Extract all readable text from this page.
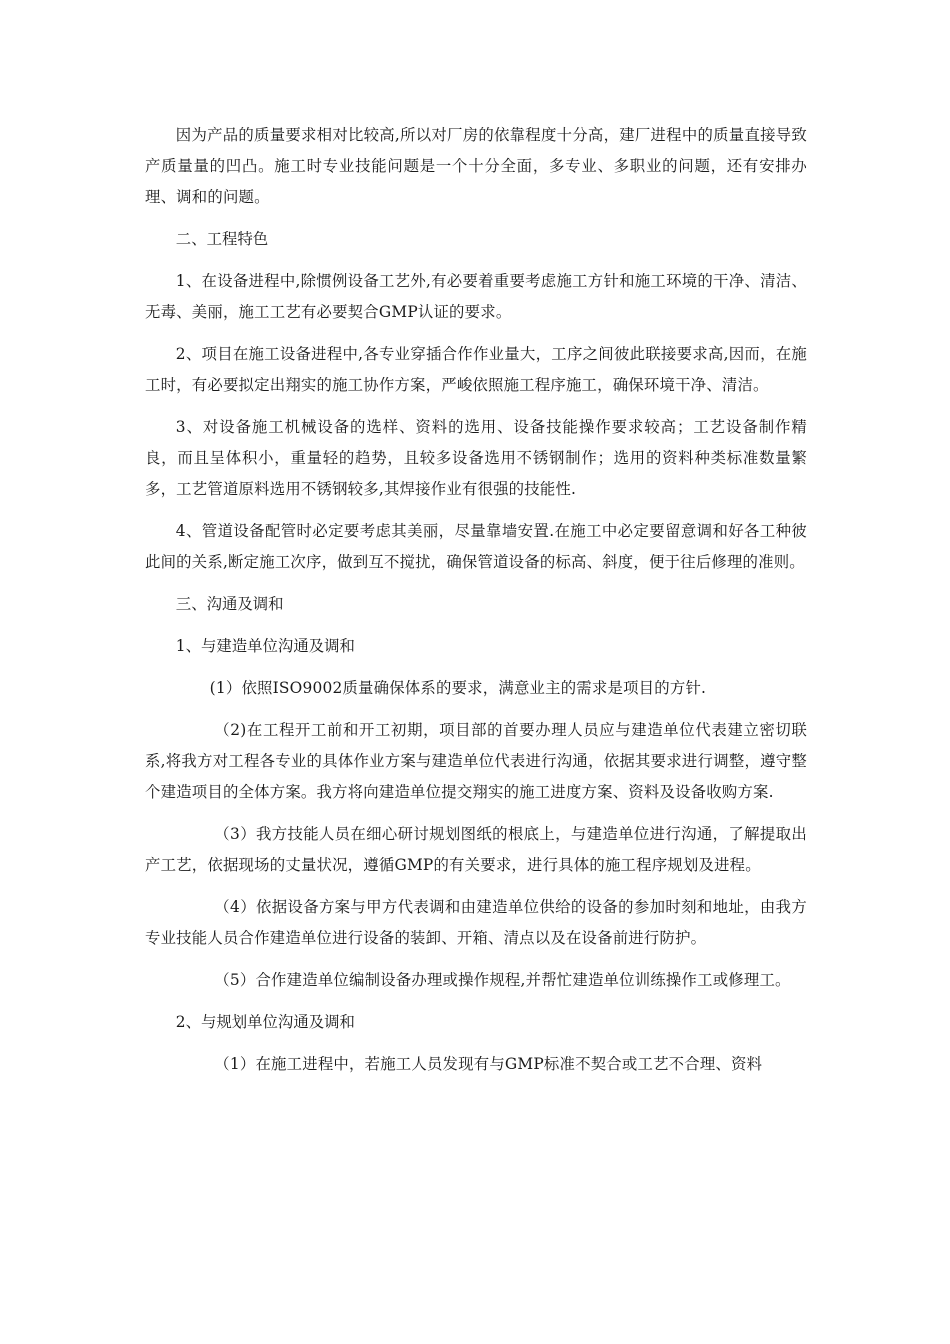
因为产品的质量要求相对比较高,所以对厂房的依靠程度十分高，建厂进程中的质量直接导致产质量量的凹凸。施工时专业技能问题是一个十分全面，多专业、多职业的问题，还有安排办理、调和的问题。

二、工程特色

1、在设备进程中,除惯例设备工艺外,有必要着重要考虑施工方针和施工环境的干净、清洁、无毒、美丽，施工工艺有必要契合GMP认证的要求。

2、项目在施工设备进程中,各专业穿插合作作业量大，工序之间彼此联接要求高,因而，在施工时，有必要拟定出翔实的施工协作方案，严峻依照施工程序施工，确保环境干净、清洁。

3、对设备施工机械设备的选样、资料的选用、设备技能操作要求较高；工艺设备制作精良，而且呈体积小，重量轻的趋势，且较多设备选用不锈钢制作；选用的资料种类标准数量繁多，工艺管道原料选用不锈钢较多,其焊接作业有很强的技能性.

4、管道设备配管时必定要考虑其美丽，尽量靠墙安置.在施工中必定要留意调和好各工种彼此间的关系,断定施工次序，做到互不搅扰，确保管道设备的标高、斜度，便于往后修理的准则。

三、沟通及调和

1、与建造单位沟通及调和

(1）依照ISO9002质量确保体系的要求，满意业主的需求是项目的方针.

（2)在工程开工前和开工初期，项目部的首要办理人员应与建造单位代表建立密切联系,将我方对工程各专业的具体作业方案与建造单位代表进行沟通，依据其要求进行调整，遵守整个建造项目的全体方案。我方将向建造单位提交翔实的施工进度方案、资料及设备收购方案.

（3）我方技能人员在细心研讨规划图纸的根底上，与建造单位进行沟通，了解提取出产工艺，依据现场的丈量状况，遵循GMP的有关要求，进行具体的施工程序规划及进程。

（4）依据设备方案与甲方代表调和由建造单位供给的设备的参加时刻和地址，由我方专业技能人员合作建造单位进行设备的装卸、开箱、清点以及在设备前进行防护。

（5）合作建造单位编制设备办理或操作规程,并帮忙建造单位训练操作工或修理工。

2、与规划单位沟通及调和

（1）在施工进程中，若施工人员发现有与GMP标准不契合或工艺不合理、资料
